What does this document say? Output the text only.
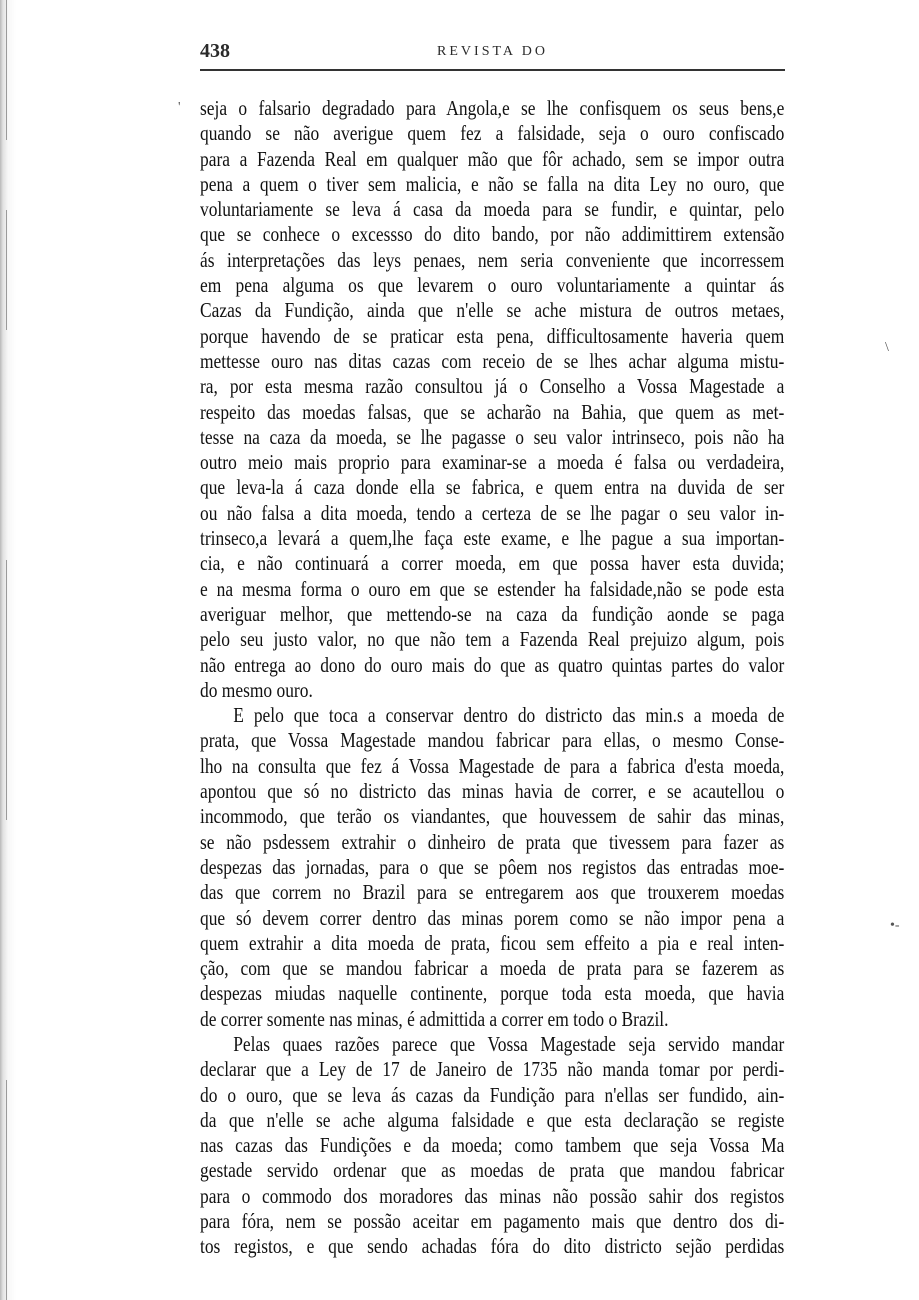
438	REVISTA DO
seja o falsario degradado para Angola,e se lhe confisquem os seus bens,e
quando se não averigue quem fez a falsidade, seja o ouro confiscado
para a Fazenda Real em qualquer mão que fôr achado, sem se impor outra
pena a quem o tiver sem malicia, e não se falla na dita Ley no ouro, que
voluntariamente se leva á casa da moeda para se fundir, e quintar, pelo
que se conhece o excessso do dito bando, por não addimittirem extensão
ás interpretações das leys penaes, nem seria conveniente que incorressem
em pena alguma os que levarem o ouro voluntariamente a quintar ás
Cazas da Fundição, ainda que n'elle se ache mistura de outros metaes,
porque havendo de se praticar esta pena, difficultosamente haveria quem
mettesse ouro nas ditas cazas com receio de se lhes achar alguma mistu-
ra, por esta mesma razão consultou já o Conselho a Vossa Magestade a
respeito das moedas falsas, que se acharão na Bahia, que quem as met-
tesse na caza da moeda, se lhe pagasse o seu valor intrinseco, pois não ha
outro meio mais proprio para examinar-se a moeda é falsa ou verdadeira,
que leva-la á caza donde ella se fabrica, e quem entra na duvida de ser
ou não falsa a dita moeda, tendo a certeza de se lhe pagar o seu valor in-
trinseco,a levará a quem,lhe faça este exame, e lhe pague a sua importan-
cia, e não continuará a correr moeda, em que possa haver esta duvida;
e na mesma forma o ouro em que se estender ha falsidade,não se pode esta
averiguar melhor, que mettendo-se na caza da fundição aonde se paga
pelo seu justo valor, no que não tem a Fazenda Real prejuizo algum, pois
não entrega ao dono do ouro mais do que as quatro quintas partes do valor
do mesmo ouro.
E pelo que toca a conservar dentro do districto das min.s a moeda de
prata, que Vossa Magestade mandou fabricar para ellas, o mesmo Conse-
lho na consulta que fez á Vossa Magestade de para a fabrica d'esta moeda,
apontou que só no districto das minas havia de correr, e se acautellou o
incommodo, que terão os viandantes, que houvessem de sahir das minas,
se não psdessem extrahir o dinheiro de prata que tivessem para fazer as
despezas das jornadas, para o que se pôem nos registos das entradas moe-
das que correm no Brazil para se entregarem aos que trouxerem moedas
que só devem correr dentro das minas porem como se não impor pena a
quem extrahir a dita moeda de prata, ficou sem effeito a pia e real inten-
ção, com que se mandou fabricar a moeda de prata para se fazerem as
despezas miudas naquelle continente, porque toda esta moeda, que havia
de correr somente nas minas, é admittida a correr em todo o Brazil.
Pelas quaes razões parece que Vossa Magestade seja servido mandar
declarar que a Ley de 17 de Janeiro de 1735 não manda tomar por perdi-
do o ouro, que se leva ás cazas da Fundição para n'ellas ser fundido, ain-
da que n'elle se ache alguma falsidade e que esta declaração se registe
nas cazas das Fundições e da moeda; como tambem que seja Vossa Ma
gestade servido ordenar que as moedas de prata que mandou fabricar
para o commodo dos moradores das minas não possão sahir dos registos
para fóra, nem se possão aceitar em pagamento mais que dentro dos di-
tos registos, e que sendo achadas fóra do dito districto sejão perdidas
'
\
•-
